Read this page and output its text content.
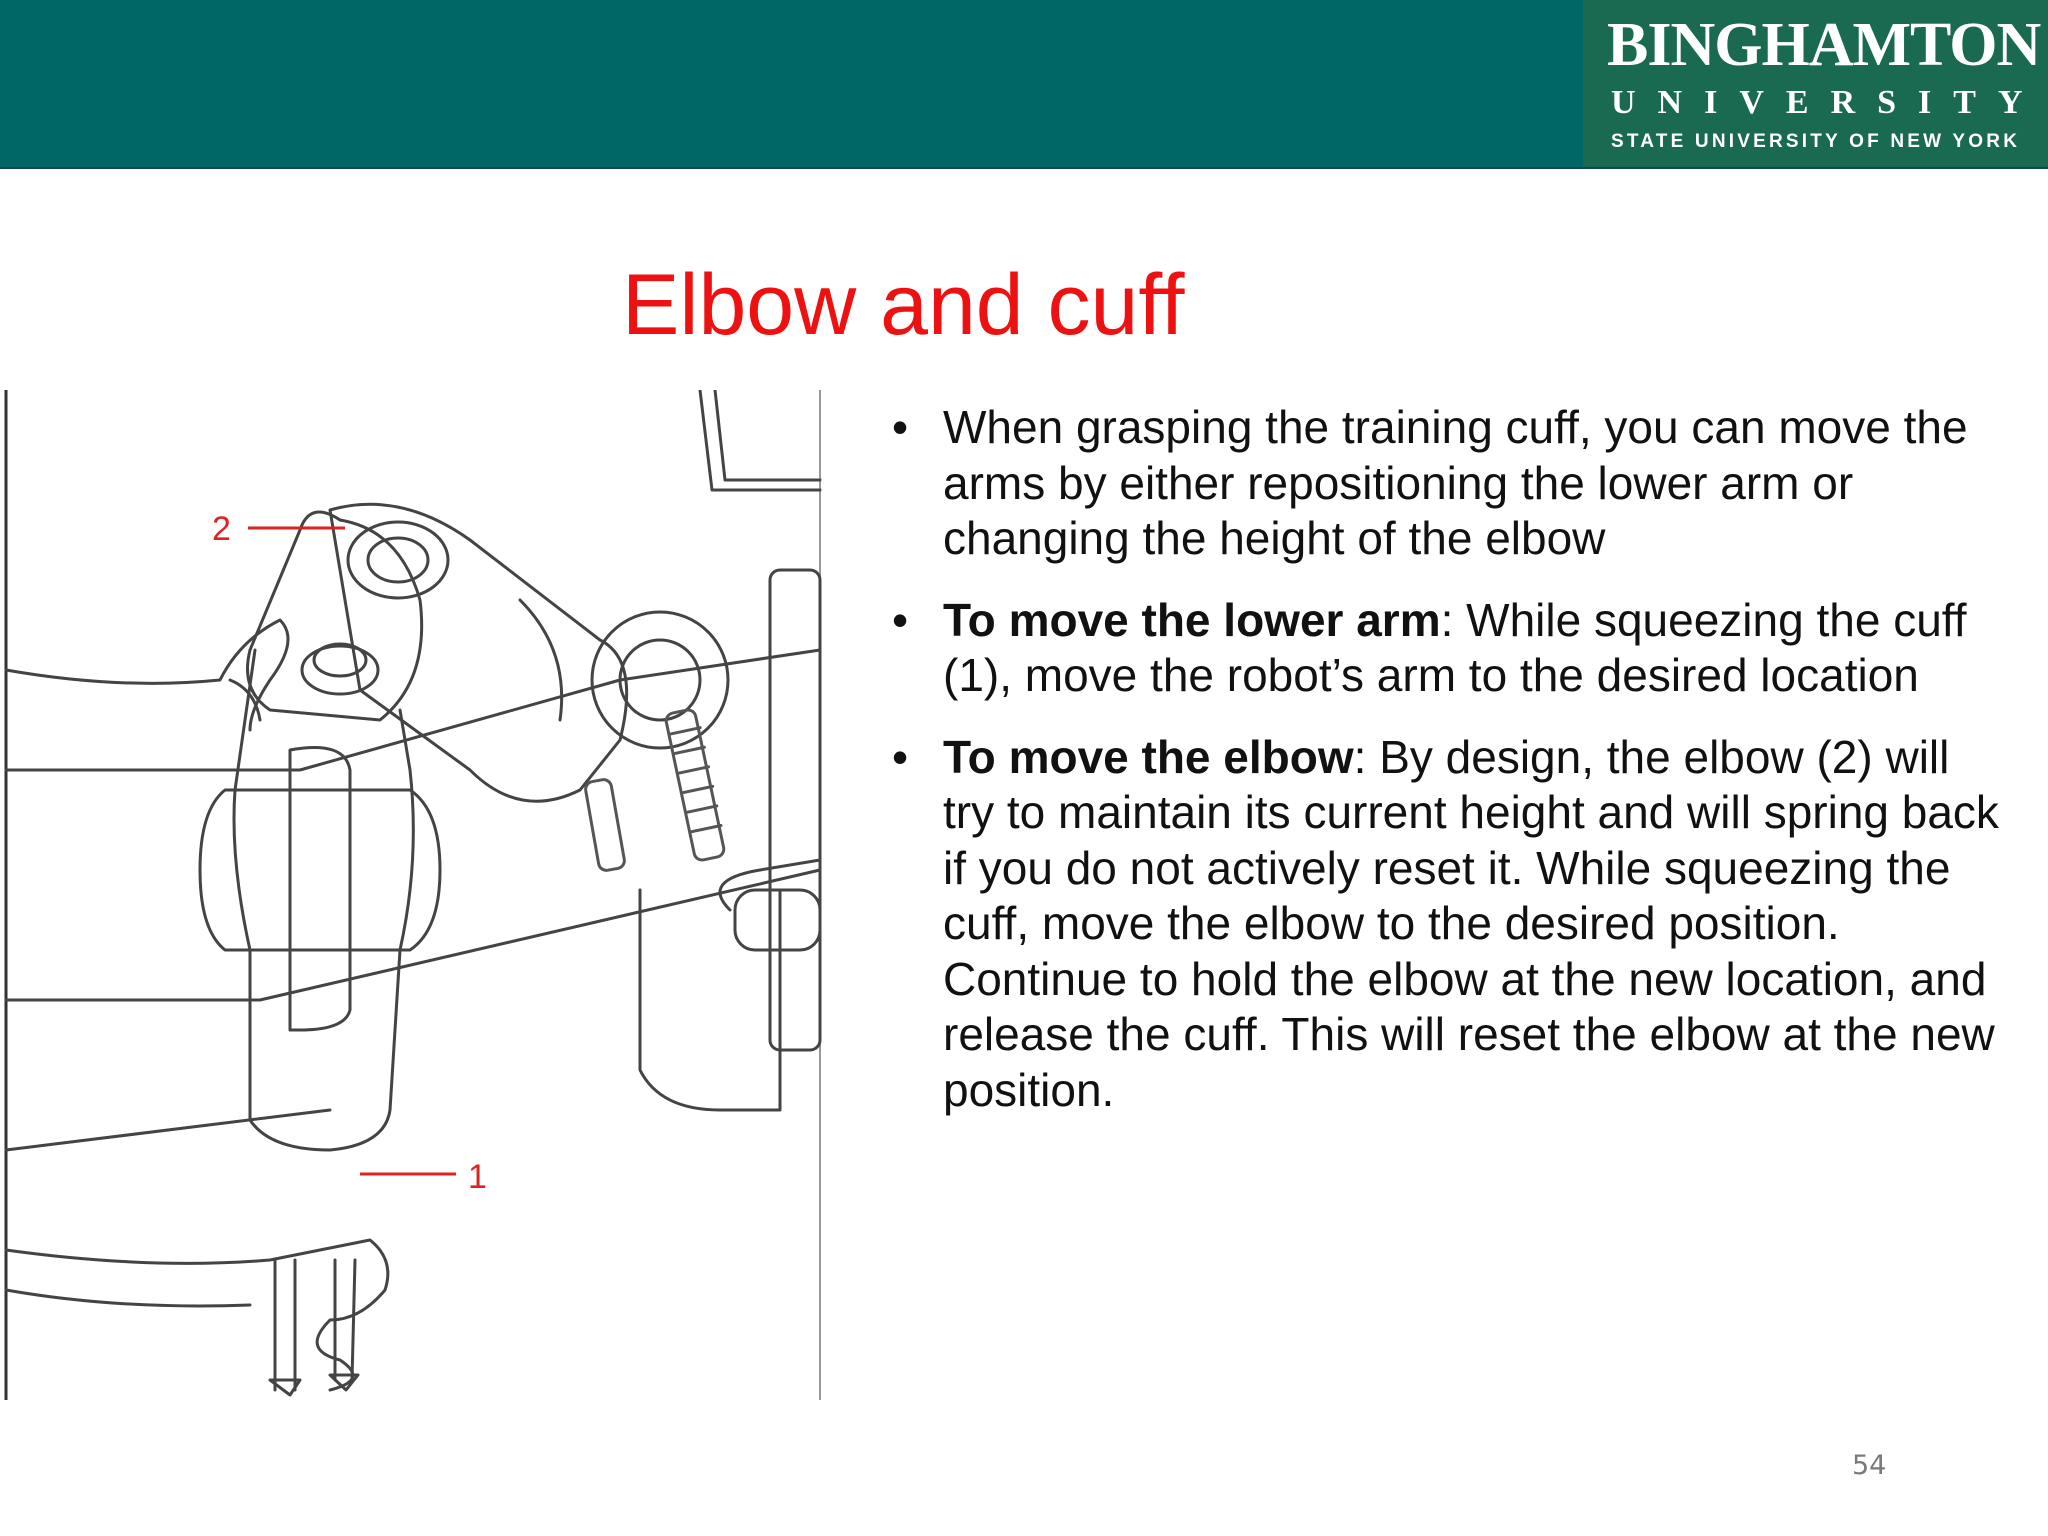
BINGHAMTON
UNIVERSITY
STATE UNIVERSITY OF NEW YORK
Elbow and cuff
2
1
• When grasping the training cuff, you can move the arms by either repositioning the lower arm or changing the height of the elbow
• To move the lower arm: While squeezing the cuff (1), move the robot’s arm to the desired location
• To move the elbow: By design, the elbow (2) will try to maintain its current height and will spring back if you do not actively reset it. While squeezing the cuff, move the elbow to the desired position. Continue to hold the elbow at the new location, and release the cuff. This will reset the elbow at the new position.
54
